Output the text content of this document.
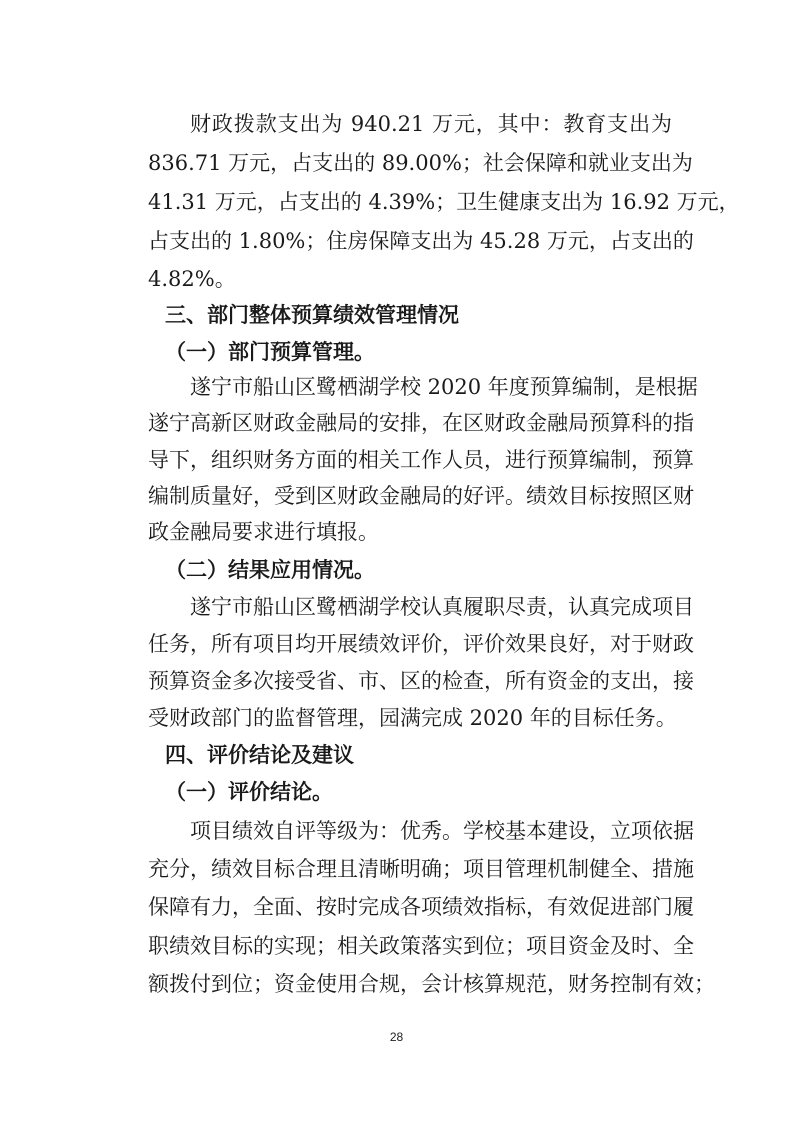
财政拨款支出为 940.21 万元，其中：教育支出为
836.71 万元，占支出的 89.00%；社会保障和就业支出为
41.31 万元，占支出的 4.39%；卫生健康支出为 16.92 万元，
占支出的 1.80%；住房保障支出为 45.28 万元，占支出的
4.82%。
三、部门整体预算绩效管理情况
（一）部门预算管理。
遂宁市船山区鹭栖湖学校 2020 年度预算编制，是根据
遂宁高新区财政金融局的安排，在区财政金融局预算科的指
导下，组织财务方面的相关工作人员，进行预算编制，预算
编制质量好，受到区财政金融局的好评。绩效目标按照区财
政金融局要求进行填报。
（二）结果应用情况。
遂宁市船山区鹭栖湖学校认真履职尽责，认真完成项目
任务，所有项目均开展绩效评价，评价效果良好，对于财政
预算资金多次接受省、市、区的检查，所有资金的支出，接
受财政部门的监督管理，园满完成 2020 年的目标任务。
四、评价结论及建议
（一）评价结论。
项目绩效自评等级为：优秀。学校基本建设，立项依据
充分，绩效目标合理且清晰明确；项目管理机制健全、措施
保障有力，全面、按时完成各项绩效指标，有效促进部门履
职绩效目标的实现；相关政策落实到位；项目资金及时、全
额拨付到位；资金使用合规，会计核算规范，财务控制有效；
28
